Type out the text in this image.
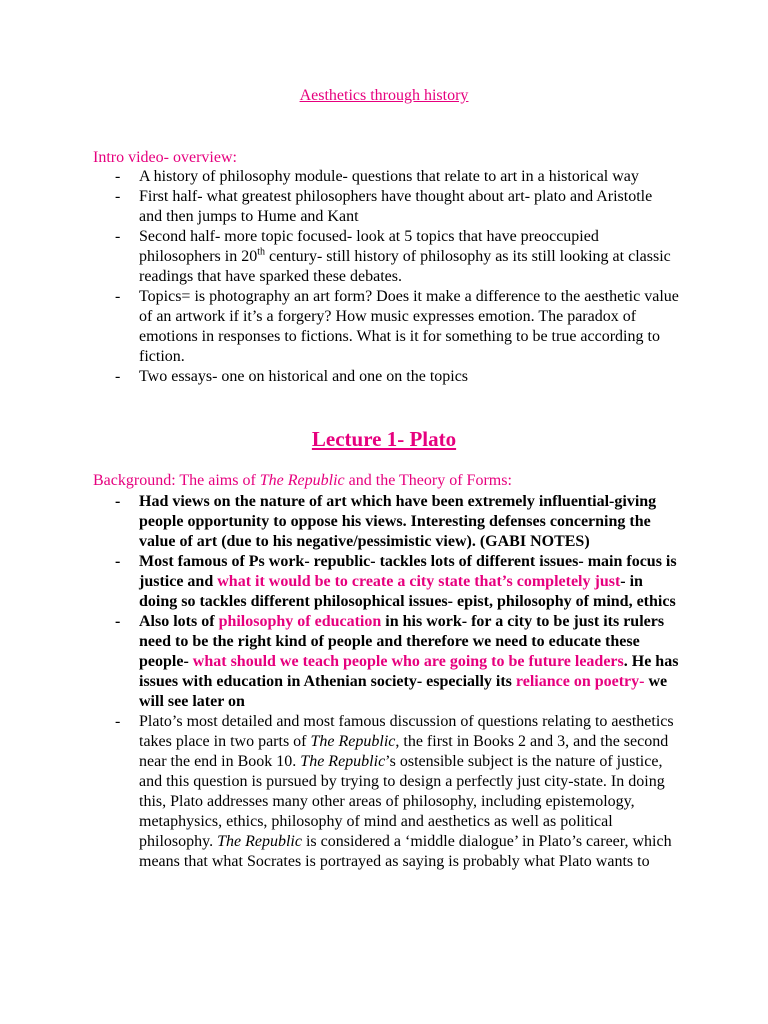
Aesthetics through history
Intro video- overview:
- A history of philosophy module- questions that relate to art in a historical way
- First half- what greatest philosophers have thought about art- plato and Aristotle and then jumps to Hume and Kant
- Second half- more topic focused- look at 5 topics that have preoccupied philosophers in 20th century- still history of philosophy as its still looking at classic readings that have sparked these debates.
- Topics= is photography an art form? Does it make a difference to the aesthetic value of an artwork if it’s a forgery? How music expresses emotion. The paradox of emotions in responses to fictions. What is it for something to be true according to fiction.
- Two essays- one on historical and one on the topics
Lecture 1- Plato
Background: The aims of The Republic and the Theory of Forms:
- Had views on the nature of art which have been extremely influential-giving people opportunity to oppose his views. Interesting defenses concerning the value of art (due to his negative/pessimistic view). (GABI NOTES)
- Most famous of Ps work- republic- tackles lots of different issues- main focus is justice and what it would be to create a city state that’s completely just- in doing so tackles different philosophical issues- epist, philosophy of mind, ethics
- Also lots of philosophy of education in his work- for a city to be just its rulers need to be the right kind of people and therefore we need to educate these people- what should we teach people who are going to be future leaders. He has issues with education in Athenian society- especially its reliance on poetry- we will see later on
- Plato’s most detailed and most famous discussion of questions relating to aesthetics takes place in two parts of The Republic, the first in Books 2 and 3, and the second near the end in Book 10. The Republic’s ostensible subject is the nature of justice, and this question is pursued by trying to design a perfectly just city-state. In doing this, Plato addresses many other areas of philosophy, including epistemology, metaphysics, ethics, philosophy of mind and aesthetics as well as political philosophy. The Republic is considered a ‘middle dialogue’ in Plato’s career, which means that what Socrates is portrayed as saying is probably what Plato wants to
